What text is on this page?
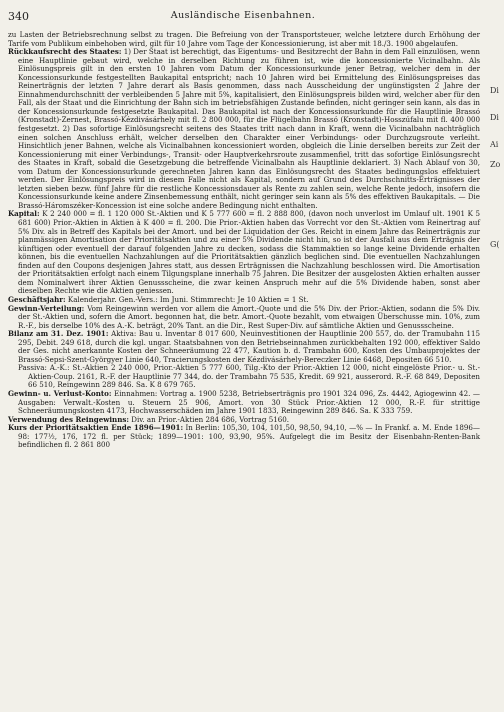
340	Ausländische Eisenbahnen.

zu Lasten der Betriebsrechnung selbst zu tragen. Die Befreiung von der Transportsteuer, welche letztere durch Erhöhung der Tarife vom Publikum einbehoben wird, gilt für 10 Jahre vom Tage der Koncessionierung, ist aber mit 18./3. 1900 abgelaufen.

Rückkaufsrecht des Staates: 1) Der Staat ist berechtigt, das Eigentums- und Besitzrecht der Bahn in dem Fall einzulösen, wenn eine Hauptlinie gebaut wird, welche in derselben Richtung zu führen ist, wie die koncessionierte Vicinalbahn. Als Einlösungspreis gilt in den ersten 10 Jahren vom Datum der Koncessionsurkunde jener Betrag, welcher dem in der Koncessionsurkunde festgestellten Baukapital entspricht; nach 10 Jahren wird bei Ermittelung des Einlösungspreises das Reinerträgnis der letzten 7 Jahre derart als Basis genommen, dass nach Ausscheidung der ungünstigsten 2 Jahre der Einnahmendurchschnitt der verbleibenden 5 Jahre mit 5%, kapitalisiert, den Einlösungspreis bilden wird, welcher aber für den Fall, als der Staat und die Einrichtung der Bahn sich im betriebsfähigen Zustande befinden, nicht geringer sein kann, als das in der Koncessionsurkunde festgesetzte Baukapital. Das Baukapital ist nach der Koncessionsurkunde für die Hauptlinie Brassó (Kronstadt)-Zernest, Brassó-Kézdivásárhely mit fl. 2 800 000, für die Flügelbahn Brassó (Kronstadt)-Hosszúfalu mit fl. 400 000 festgesetzt. 2) Das sofortige Einlösungsrecht seitens des Staates tritt nach dann in Kraft, wenn die Vicinalbahn nachträglich einen solchen Anschluss erhält, welcher derselben den Charakter einer Verbindungs- oder Durchzugsroute verleiht. Hinsichtlich jener Bahnen, welche als Vicinalbahnen koncessioniert worden, obgleich die Linie derselben bereits zur Zeit der Koncessionierung mit einer Verbindungs-, Transit- oder Hauptverkehrsroute zusammenfiel, tritt das sofortige Einlösungsrecht des Staates in Kraft, sobald die Gesetzgebung die betreffende Vicinalbahn als Hauptlinie deklariert. 3) Nach Ablauf von 30, vom Datum der Koncessionsurkunde gerechneten Jahren kann das Einlösungsrecht des Staates bedingungslos effektuiert werden. Der Einlösungspreis wird in diesem Falle nicht als Kapital, sondern auf Grund des Durchschnitts-Erträgnisses der letzten sieben bezw. fünf Jahre für die restliche Koncessionsdauer als Rente zu zahlen sein, welche Rente jedoch, insofern die Koncessionsurkunde keine andere Zinsenbemessung enthält, nicht geringer sein kann als 5% des effektiven Baukapitals. — Die Brassó-Háromszéker-Koncession ist eine solche andere Bedingung nicht enthalten.

Kapital: K 2 240 000 = fl. 1 120 000 St.-Aktien und K 5 777 600 = fl. 2 888 800, (davon noch unverlost im Umlauf ult. 1901 K 5 681 600) Prior.-Aktien in Aktien à K 400 = fl. 200. Die Prior.-Aktien haben das Vorrecht vor den St.-Aktien vom Reinertrag auf 5% Div. als in Betreff des Kapitals bei der Amort. und bei der Liquidation der Ges. Reicht in einem Jahre das Reinerträgnis zur planmässigen Amortisation der Prioritätsaktien und zu einer 5% Dividende nicht hin, so ist der Ausfall aus dem Erträgnis der künftigen oder eventuell der darauf folgenden Jahre zu decken, sodass die Stammaktien so lange keine Dividende erhalten können, bis die eventuellen Nachzahlungen auf die Prioritätsaktien gänzlich beglichen sind. Die eventuellen Nachzahlungen finden auf den Coupons desjenigen Jahres statt, aus dessen Erträgnissen die Nachzahlung beschlossen wird. Die Amortisation der Prioritätsaktien erfolgt nach einem Tilgungsplane innerhalb 75 Jahren. Die Besitzer der ausgelosten Aktien erhalten ausser dem Nominalwert ihrer Aktien Genussscheine, die zwar keinen Anspruch mehr auf die 5% Dividende haben, sonst aber dieselben Rechte wie die Aktien geniessen.

Geschäftsjahr: Kalenderjahr. Gen.-Vers.: Im Juni. Stimmrecht: Je 10 Aktien = 1 St.

Gewinn-Verteilung: Vom Reingewinn werden vor allem die Amort.-Quote und die 5% Div. der Prior.-Aktien, sodann die 5% Div. der St.-Aktien und, sofern die Amort. begonnen hat, die betr. Amort.-Quote bezahlt, vom etwaigen Überschusse min. 10%, zum R.-F., bis derselbe 10% des A.-K. beträgt, 20% Tant. an die Dir., Rest Super-Div. auf sämtliche Aktien und Genussscheine.

Bilanz am 31. Dez. 1901: Aktiva: Bau u. Inventar 8 017 600, Neuinvestitionen der Hauptlinie 200 557, do. der Tramubahn 115 295, Debit. 249 618, durch die kgl. ungar. Staatsbahnen von den Betriebseinnahmen zurückbehalten 192 000, effektiver Saldo der Ges. nicht anerkannte Kosten der Schneeräumung 22 477, Kaution b. d. Trambahn 600, Kosten des Umbauprojektes der Brassó-Sepsi-Szent-Györgyer Linie 640, Tracierungskosten der Kézdivásárhely-Bereczker Linie 6468, Depositen 66 510.

Passiva: A.-K.: St.-Aktien 2 240 000, Prior.-Aktien 5 777 600, Tilg.-Kto der Prior.-Aktien 12 000, nicht eingelöste Prior.- u. St.-Aktien-Coup. 2161, R.-F. der Hauptlinie 77 344, do. der Trambahn 75 535, Kredit. 69 921, ausserord. R.-F. 68 849, Depositen 66 510, Reingewinn 289 846. Sa. K 8 679 765.

Gewinn- u. Verlust-Konto: Einnahmen: Vortrag a. 1900 5238, Betriebserträgnis pro 1901 324 096, Zs. 4442, Agiogewinn 42. — Ausgaben: Verwalt.-Kosten u. Steuern 25 906, Amort. von 30 Stück Prior.-Aktien 12 000, R.-F. für strittige Schneeräumungskosten 4173, Hochwasserschäden im Jahre 1901 1833, Reingewinn 289 846. Sa. K 333 759.

Verwendung des Reingewinns: Div. an Prior.-Aktien 284 686, Vortrag 5160.

Kurs der Prioritätsaktien Ende 1896—1901: In Berlin: 105,30, 104, 101,50, 98,50, 94,10, —% — In Frankf. a. M. Ende 1896—98: 177½, 176, 172 fl. per Stück; 1899—1901: 100, 93,90, 95%. Aufgelegt die im Besitz der Eisenbahn-Renten-Bank befindlichen fl. 2 861 800

Di
Di
Ai
Zo
G(
